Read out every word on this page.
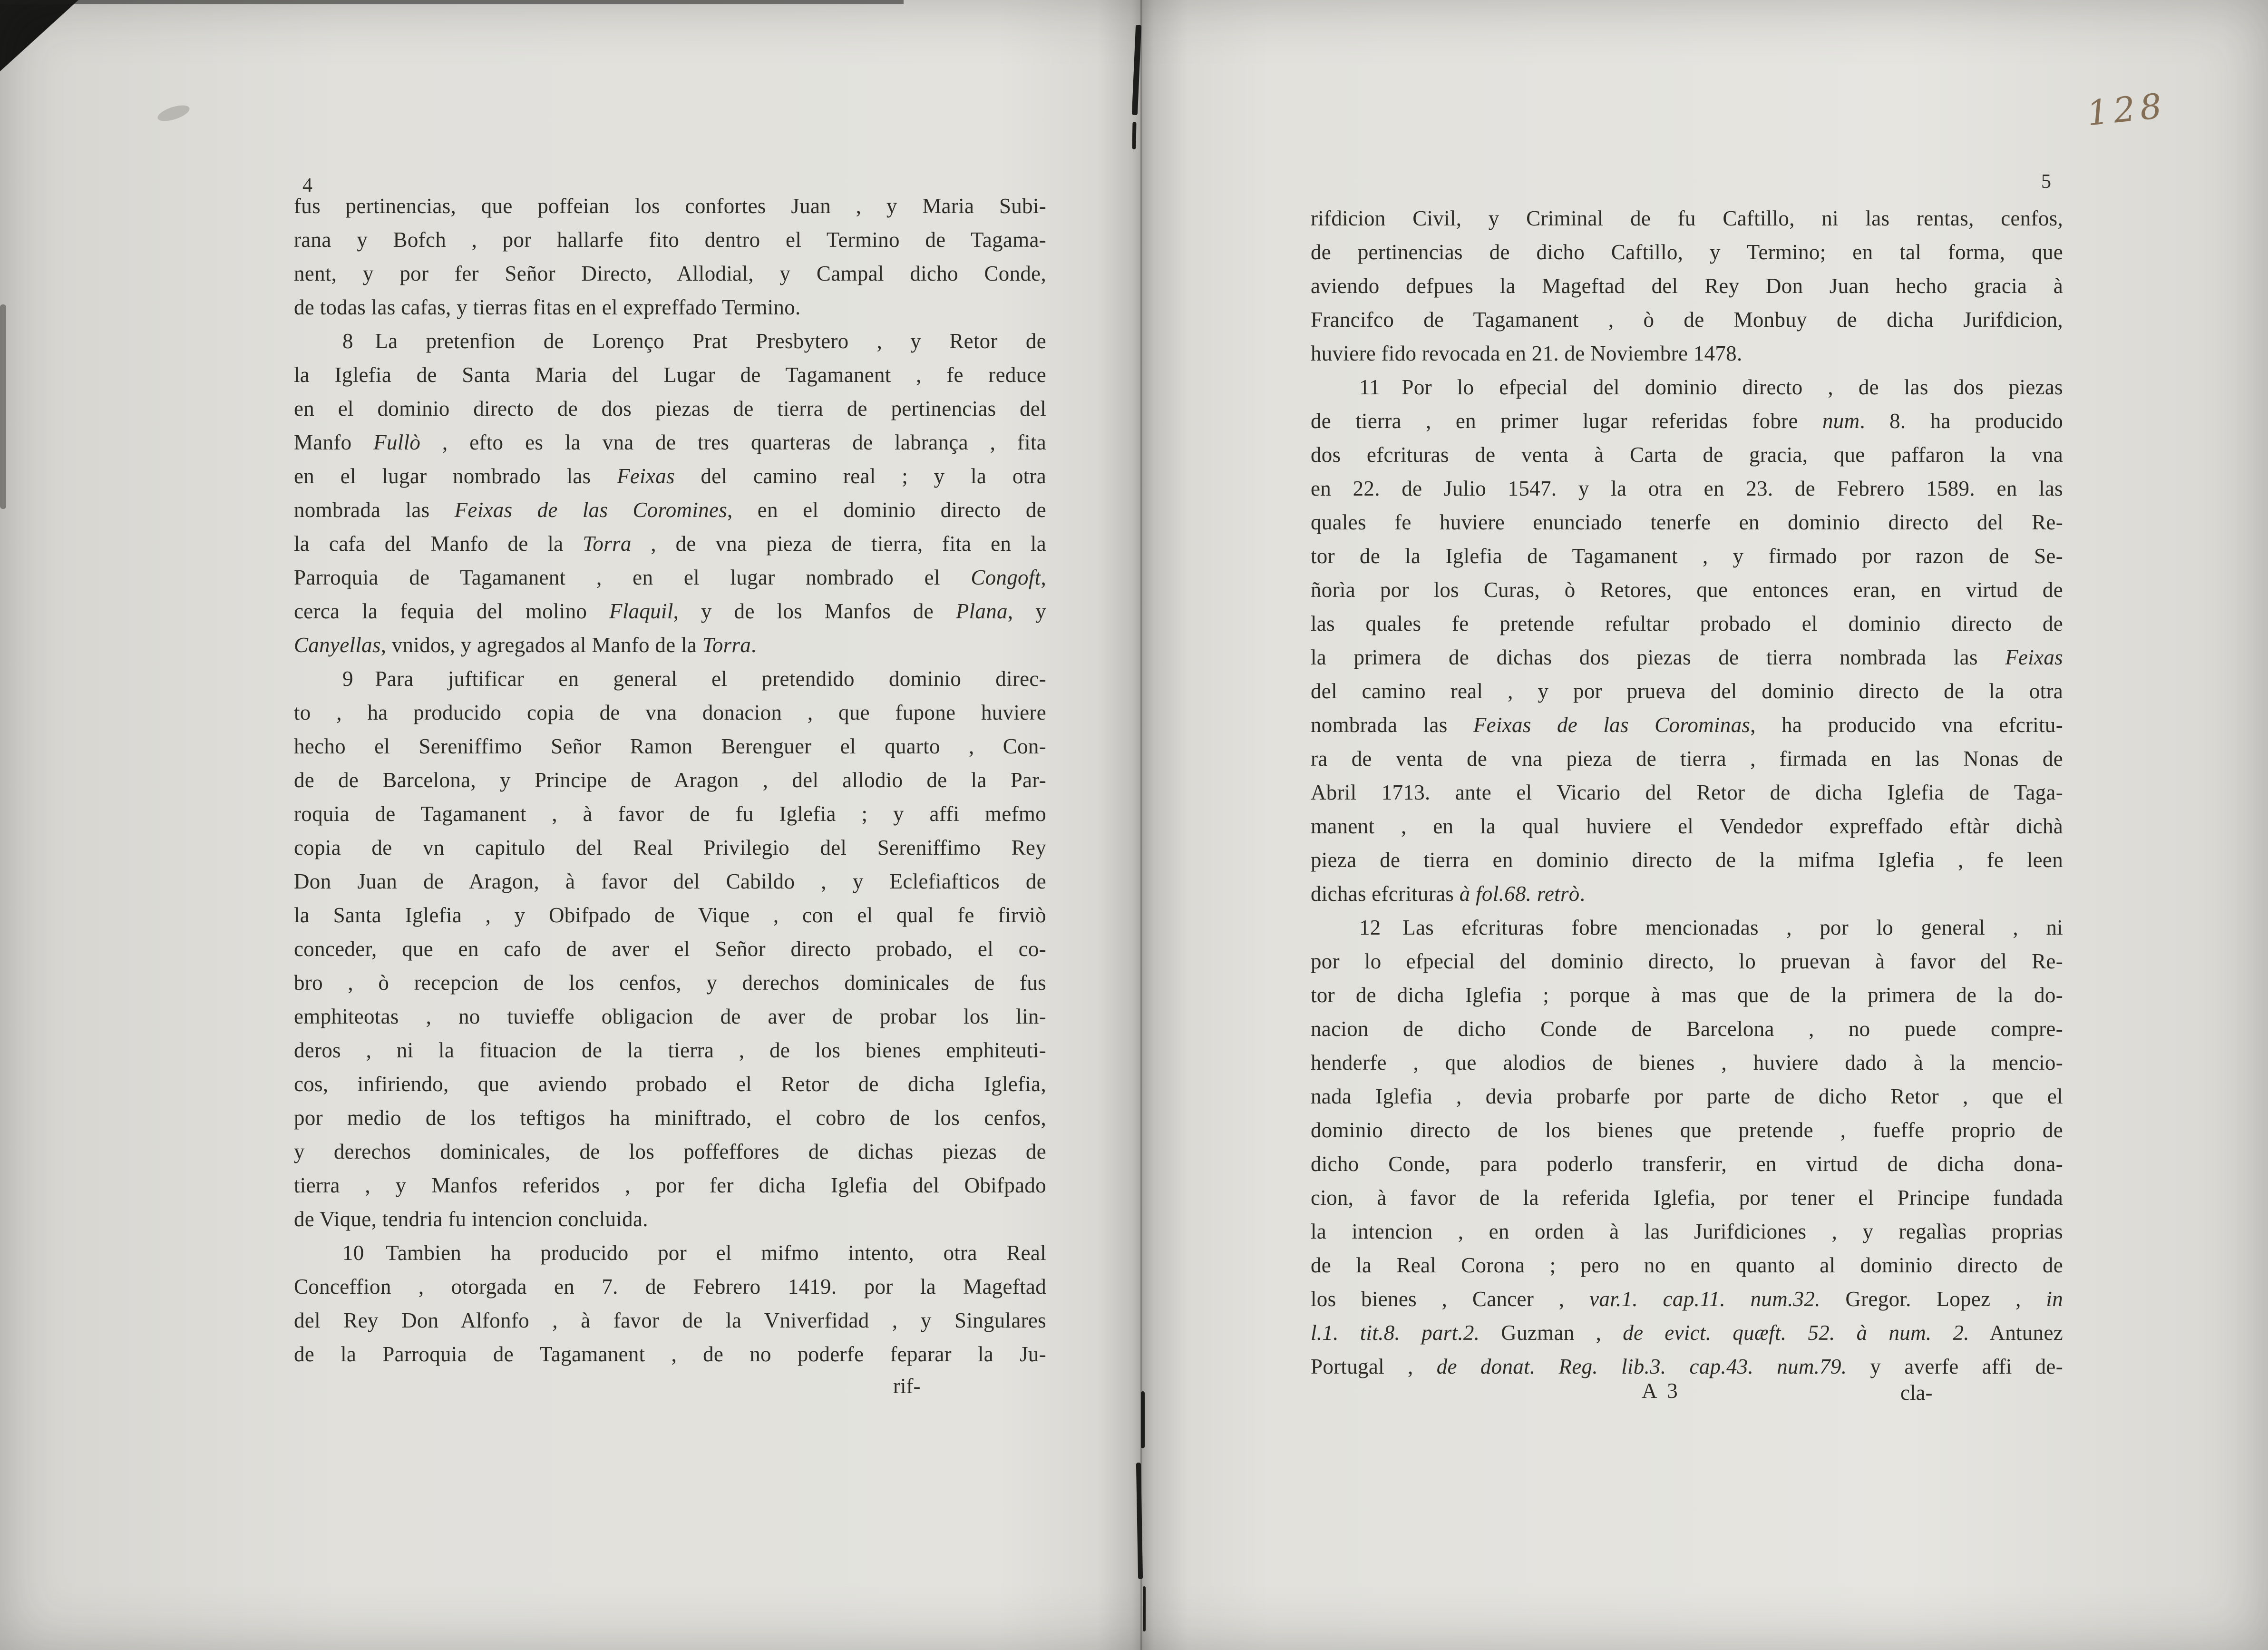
128
4	5
fus pertinencias, que poffeian los confortes Juan , y Maria Subi-
rana y Bofch , por hallarfe fito dentro el Termino de Tagama-
nent, y por fer Señor Directo, Allodial, y Campal dicho Conde,
de todas las cafas, y tierras fitas en el expreffado Termino.
8  La pretenfion de Lorenço Prat Presbytero , y Retor de
la Iglefia de Santa Maria del Lugar de Tagamanent , fe reduce
en el dominio directo de dos piezas de tierra de pertinencias del
Manfo Fullò , efto es la vna de tres quarteras de labrança , fita
en el lugar nombrado las Feixas del camino real ; y la otra
nombrada las Feixas de las Coromines, en el dominio directo de
la cafa del Manfo de la Torra , de vna pieza de tierra, fita en la
Parroquia de Tagamanent , en el lugar nombrado el Congoft,
cerca la fequia del molino Flaquil, y de los Manfos de Plana, y
Canyellas, vnidos, y agregados al Manfo de la Torra.
9  Para juftificar en general el pretendido dominio direc-
to , ha producido copia de vna donacion , que fupone huviere
hecho el Sereniffimo Señor Ramon Berenguer el quarto , Con-
de de Barcelona, y Principe de Aragon , del allodio de la Par-
roquia de Tagamanent , à favor de fu Iglefia ; y affi mefmo
copia de vn capitulo del Real Privilegio del Sereniffimo Rey
Don Juan de Aragon, à favor del Cabildo , y Eclefiafticos de
la Santa Iglefia , y Obifpado de Vique , con el qual fe firviò
conceder, que en cafo de aver el Señor directo probado, el co-
bro , ò recepcion de los cenfos, y derechos dominicales de fus
emphiteotas , no tuvieffe obligacion de aver de probar los lin-
deros , ni la fituacion de la tierra , de los bienes emphiteuti-
cos, infiriendo, que aviendo probado el Retor de dicha Iglefia,
por medio de los teftigos ha miniftrado, el cobro de los cenfos,
y derechos dominicales, de los poffeffores de dichas piezas de
tierra , y Manfos referidos , por fer dicha Iglefia del Obifpado
de Vique, tendria fu intencion concluida.
10  Tambien ha producido por el mifmo intento, otra Real
Conceffion , otorgada en 7. de Febrero 1419. por la Mageftad
del Rey Don Alfonfo , à favor de la Vniverfidad , y Singulares
de la Parroquia de Tagamanent , de no poderfe feparar la Ju-
rifdicion Civil, y Criminal de fu Caftillo, ni las rentas, cenfos,
de pertinencias de dicho Caftillo, y Termino; en tal forma, que
aviendo defpues la Mageftad del Rey Don Juan hecho gracia à
Francifco de Tagamanent , ò de Monbuy de dicha Jurifdicion,
huviere fido revocada en 21. de Noviembre 1478.
11  Por lo efpecial del dominio directo , de las dos piezas
de tierra , en primer lugar referidas fobre num. 8. ha producido
dos efcrituras de venta à Carta de gracia, que paffaron la vna
en 22. de Julio 1547. y la otra en 23. de Febrero 1589. en las
quales fe huviere enunciado tenerfe en dominio directo del Re-
tor de la Iglefia de Tagamanent , y firmado por razon de Se-
ñorìa por los Curas, ò Retores, que entonces eran, en virtud de
las quales fe pretende refultar probado el dominio directo de
la primera de dichas dos piezas de tierra nombrada las Feixas
del camino real , y por prueva del dominio directo de la otra
nombrada las Feixas de las Corominas, ha producido vna efcritu-
ra de venta de vna pieza de tierra , firmada en las Nonas de
Abril 1713. ante el Vicario del Retor de dicha Iglefia de Taga-
manent , en la qual huviere el Vendedor expreffado eftàr dichà
pieza de tierra en dominio directo de la mifma Iglefia , fe leen
dichas efcrituras à fol.68. retrò.
12  Las efcrituras fobre mencionadas , por lo general , ni
por lo efpecial del dominio directo, lo pruevan à favor del Re-
tor de dicha Iglefia ; porque à mas que de la primera de la do-
nacion de dicho Conde de Barcelona , no puede compre-
henderfe , que alodios de bienes , huviere dado à la mencio-
nada Iglefia , devia probarfe por parte de dicho Retor , que el
dominio directo de los bienes que pretende , fueffe proprio de
dicho Conde, para poderlo transferir, en virtud de dicha dona-
cion, à favor de la referida Iglefia, por tener el Principe fundada
la intencion , en orden à las Jurifdiciones , y regalìas proprias
de la Real Corona ; pero no en quanto al dominio directo de
los bienes , Cancer , var.1. cap.11. num.32. Gregor. Lopez , in
l.1. tit.8. part.2. Guzman , de evict. quæft. 52. à num. 2. Antunez
Portugal , de donat. Reg. lib.3. cap.43. num.79. y averfe affi de-
rif-	A 3	cla-
